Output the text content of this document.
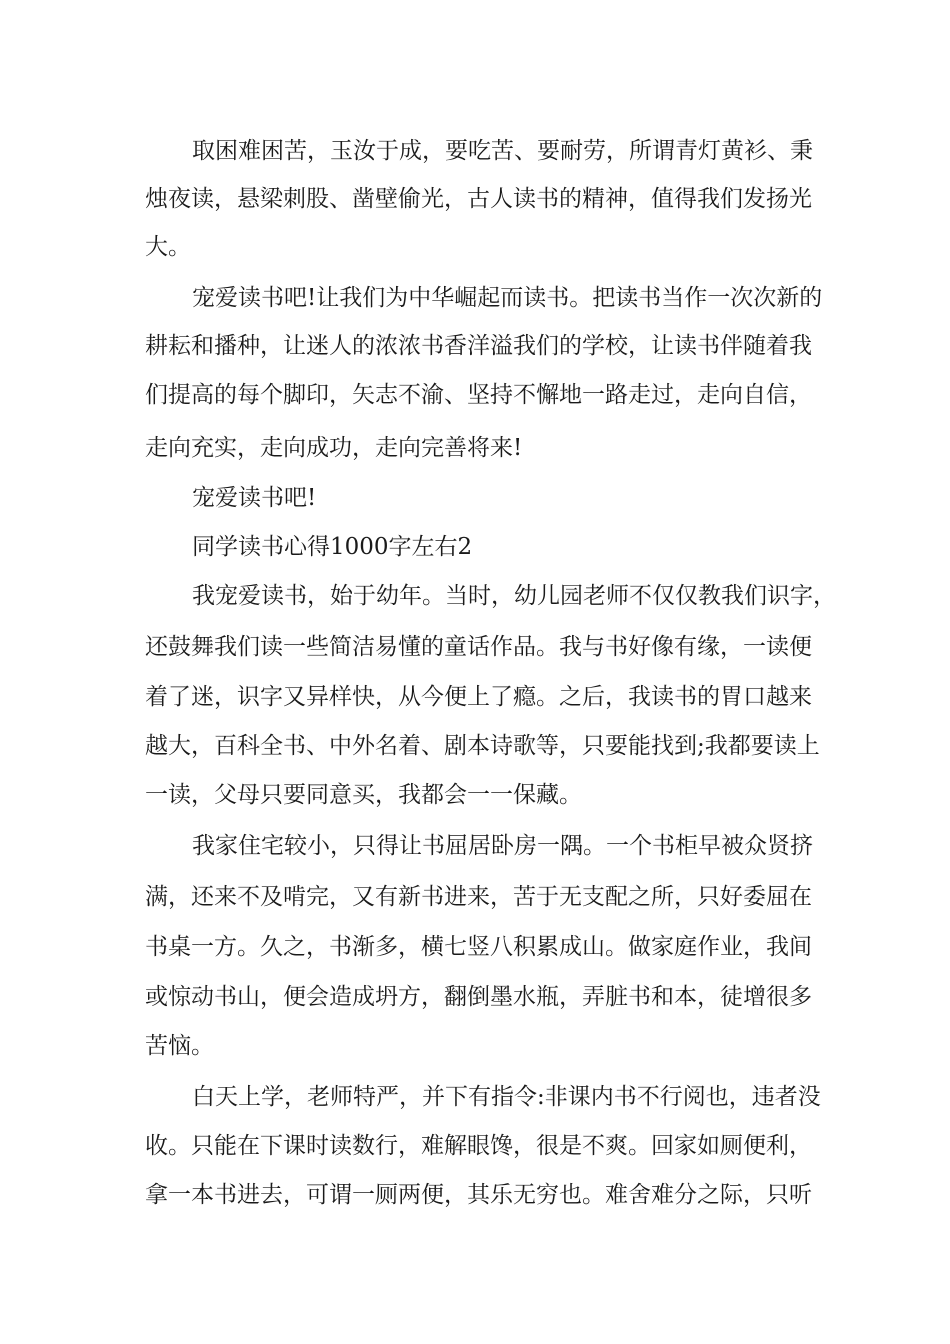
取困难困苦，玉汝于成，要吃苦、要耐劳，所谓青灯黄衫、秉
烛夜读，悬梁刺股、凿壁偷光，古人读书的精神，值得我们发扬光
大。
宠爱读书吧!让我们为中华崛起而读书。把读书当作一次次新的
耕耘和播种，让迷人的浓浓书香洋溢我们的学校，让读书伴随着我
们提高的每个脚印，矢志不渝、坚持不懈地一路走过，走向自信，
走向充实，走向成功，走向完善将来!
宠爱读书吧!
同学读书心得1000字左右2
我宠爱读书，始于幼年。当时，幼儿园老师不仅仅教我们识字，
还鼓舞我们读一些简洁易懂的童话作品。我与书好像有缘，一读便
着了迷，识字又异样快，从今便上了瘾。之后，我读书的胃口越来
越大，百科全书、中外名着、剧本诗歌等，只要能找到;我都要读上
一读，父母只要同意买，我都会一一保藏。
我家住宅较小，只得让书屈居卧房一隅。一个书柜早被众贤挤
满，还来不及啃完，又有新书进来，苦于无支配之所，只好委屈在
书桌一方。久之，书渐多，横七竖八积累成山。做家庭作业，我间
或惊动书山，便会造成坍方，翻倒墨水瓶，弄脏书和本，徒增很多
苦恼。
白天上学，老师特严，并下有指令:非课内书不行阅也，违者没
收。只能在下课时读数行，难解眼馋，很是不爽。回家如厕便利，
拿一本书进去，可谓一厕两便，其乐无穷也。难舍难分之际，只听
